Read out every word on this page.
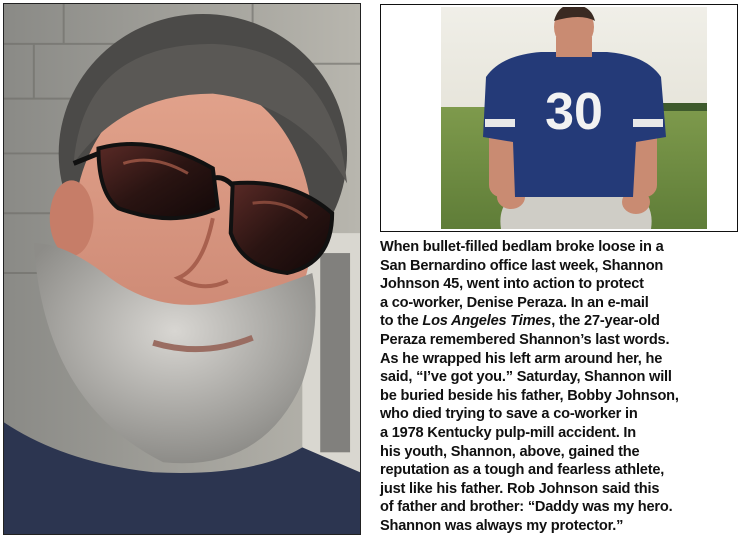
30
When bullet-filled bedlam broke loose in a
San Bernardino office last week, Shannon
Johnson 45, went into action to protect
a co-worker, Denise Peraza. In an e-mail
to the Los Angeles Times, the 27-year-old
Peraza remembered Shannon’s last words.
As he wrapped his left arm around her, he
said, “I’ve got you.” Saturday, Shannon will
be buried beside his father, Bobby Johnson,
who died trying to save a co-worker in
a 1978 Kentucky pulp-mill accident. In
his youth, Shannon, above, gained the
reputation as a tough and fearless athlete,
just like his father. Rob Johnson said this
of father and brother: “Daddy was my hero.
Shannon was always my protector.”
